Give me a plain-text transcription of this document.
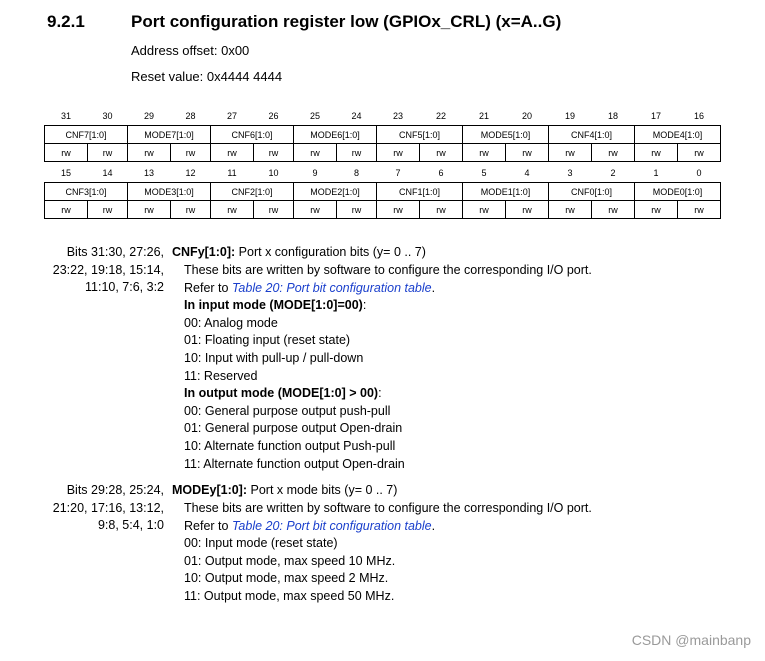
9.2.1	Port configuration register low (GPIOx_CRL) (x=A..G)
Address offset: 0x00
Reset value: 0x4444 4444
31	30	29	28	27	26	25	24	23	22	21	20	19	18	17	16
CNF7[1:0]		MODE7[1:0]		CNF6[1:0]		MODE6[1:0]		CNF5[1:0]		MODE5[1:0]		CNF4[1:0]		MODE4[1:0]	
rw	rw	rw	rw	rw	rw	rw	rw	rw	rw	rw	rw	rw	rw	rw	rw
15	14	13	12	11	10	9	8	7	6	5	4	3	2	1	0
CNF3[1:0]		MODE3[1:0]		CNF2[1:0]		MODE2[1:0]		CNF1[1:0]		MODE1[1:0]		CNF0[1:0]		MODE0[1:0]	
rw	rw	rw	rw	rw	rw	rw	rw	rw	rw	rw	rw	rw	rw	rw	rw
Bits 31:30, 27:26,
23:22, 19:18, 15:14,
11:10, 7:6, 3:2
CNFy[1:0]: Port x configuration bits (y= 0 .. 7)
These bits are written by software to configure the corresponding I/O port.
Refer to Table 20: Port bit configuration table.
In input mode (MODE[1:0]=00):
00: Analog mode
01: Floating input (reset state)
10: Input with pull-up / pull-down
11: Reserved
In output mode (MODE[1:0] > 00):
00: General purpose output push-pull
01: General purpose output Open-drain
10: Alternate function output Push-pull
11: Alternate function output Open-drain
Bits 29:28, 25:24,
21:20, 17:16, 13:12,
9:8, 5:4, 1:0
MODEy[1:0]: Port x mode bits (y= 0 .. 7)
These bits are written by software to configure the corresponding I/O port.
Refer to Table 20: Port bit configuration table.
00: Input mode (reset state)
01: Output mode, max speed 10 MHz.
10: Output mode, max speed 2 MHz.
11: Output mode, max speed 50 MHz.
CSDN @mainbanp
